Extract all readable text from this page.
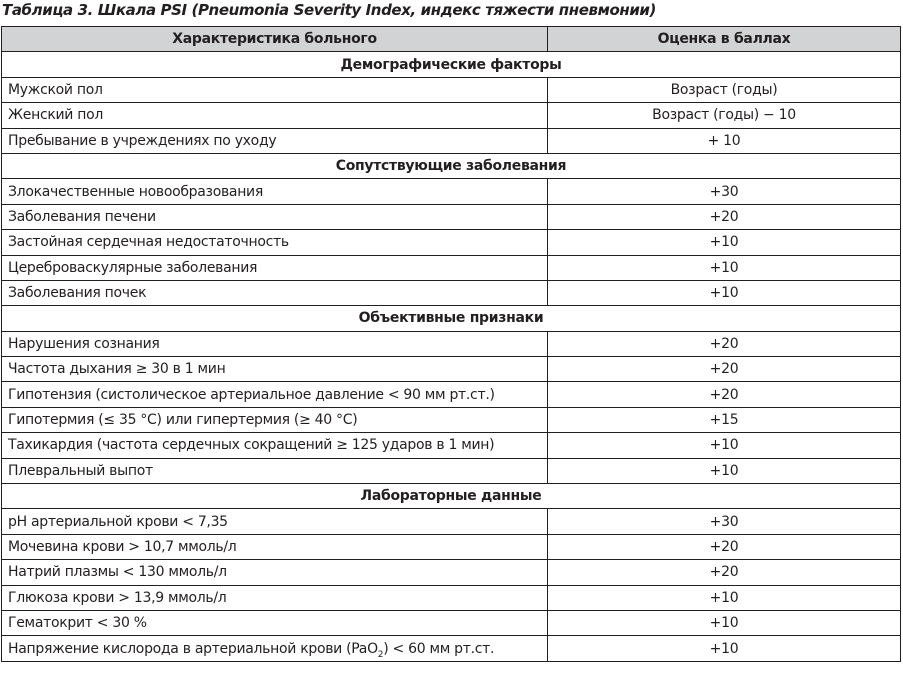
Таблица 3. Шкала PSI (Pneumonia Severity Index, индекс тяжести пневмонии)
Характеристика больного	Оценка в баллах
Демографические факторы	
Мужской пол	Возраст (годы)
Женский пол	Возраст (годы) − 10
Пребывание в учреждениях по уходу	+ 10
Сопутствующие заболевания	
Злокачественные новообразования	+30
Заболевания печени	+20
Застойная сердечная недостаточность	+10
Цереброваскулярные заболевания	+10
Заболевания почек	+10
Объективные признаки	
Нарушения сознания	+20
Частота дыхания ≥ 30 в 1 мин	+20
Гипотензия (систолическое артериальное давление < 90 мм рт.ст.)	+20
Гипотермия (≤ 35 °C) или гипертермия (≥ 40 °C)	+15
Тахикардия (частота сердечных сокращений ≥ 125 ударов в 1 мин)	+10
Плевральный выпот	+10
Лабораторные данные	
pH артериальной крови < 7,35	+30
Мочевина крови > 10,7 ммоль/л	+20
Натрий плазмы < 130 ммоль/л	+20
Глюкоза крови > 13,9 ммоль/л	+10
Гематокрит < 30 %	+10
Напряжение кислорода в артериальной крови (PaO$_2$) < 60 мм рт.ст.	+10
